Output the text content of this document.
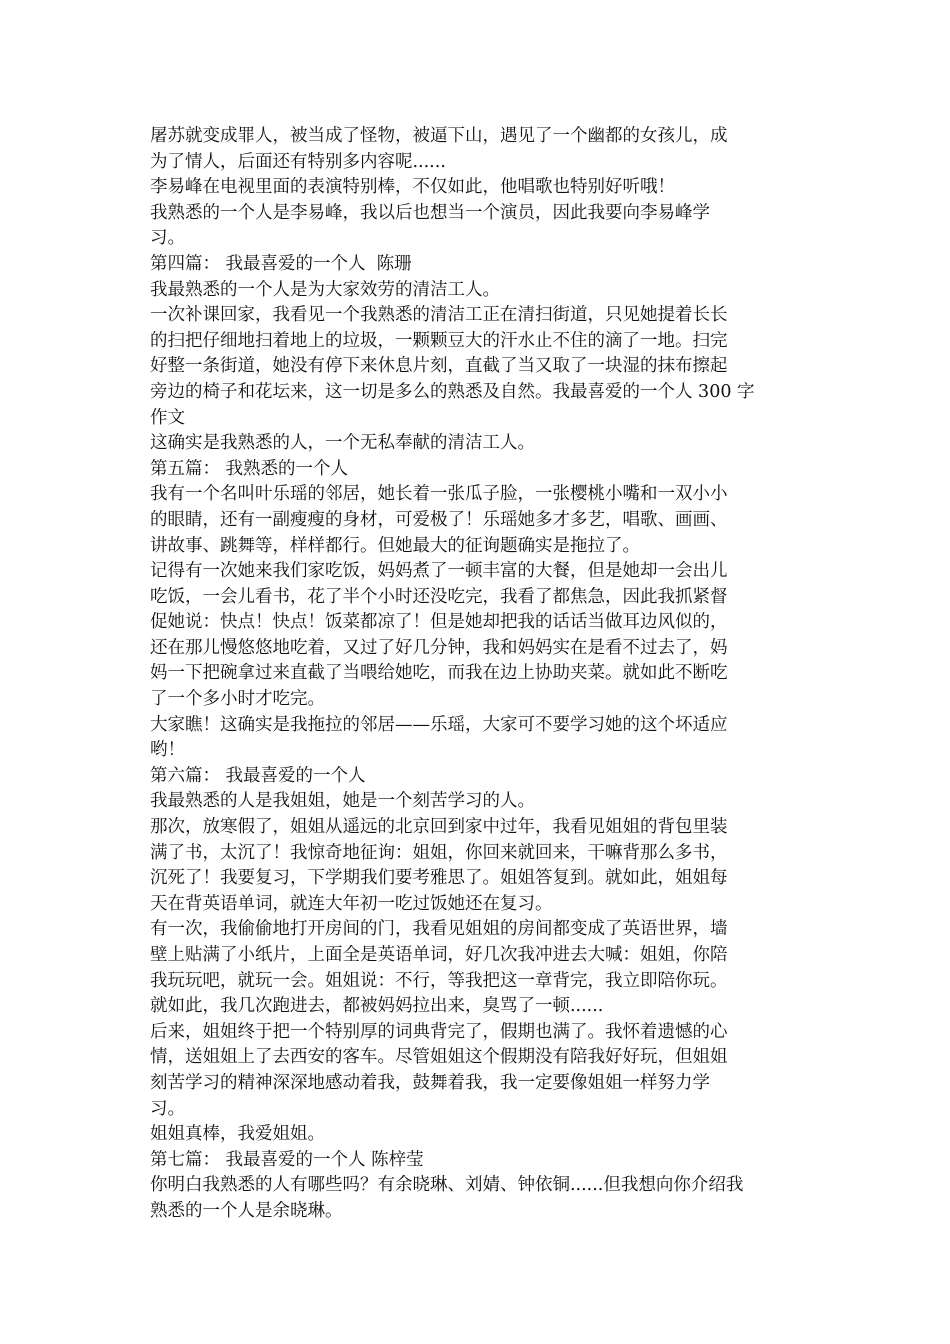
屠苏就变成罪人，被当成了怪物，被逼下山，遇见了一个幽都的女孩儿，成
为了情人，后面还有特别多内容呢......
李易峰在电视里面的表演特别棒，不仅如此，他唱歌也特别好听哦！
我熟悉的一个人是李易峰，我以后也想当一个演员，因此我要向李易峰学
习。
第四篇： 我最喜爱的一个人  陈珊
我最熟悉的一个人是为大家效劳的清洁工人。
一次补课回家，我看见一个我熟悉的清洁工正在清扫街道，只见她提着长长
的扫把仔细地扫着地上的垃圾，一颗颗豆大的汗水止不住的滴了一地。扫完
好整一条街道，她没有停下来休息片刻，直截了当又取了一块湿的抹布擦起
旁边的椅子和花坛来，这一切是多么的熟悉及自然。我最喜爱的一个人 300 字
作文
这确实是我熟悉的人，一个无私奉献的清洁工人。
第五篇： 我熟悉的一个人
我有一个名叫叶乐瑶的邻居，她长着一张瓜子脸，一张樱桃小嘴和一双小小
的眼睛，还有一副瘦瘦的身材，可爱极了！乐瑶她多才多艺，唱歌、画画、
讲故事、跳舞等，样样都行。但她最大的征询题确实是拖拉了。
记得有一次她来我们家吃饭，妈妈煮了一顿丰富的大餐，但是她却一会出儿
吃饭，一会儿看书，花了半个小时还没吃完，我看了都焦急，因此我抓紧督
促她说：快点！快点！饭菜都凉了！但是她却把我的话话当做耳边风似的，
还在那儿慢悠悠地吃着，又过了好几分钟，我和妈妈实在是看不过去了，妈
妈一下把碗拿过来直截了当喂给她吃，而我在边上协助夹菜。就如此不断吃
了一个多小时才吃完。
大家瞧！这确实是我拖拉的邻居——乐瑶，大家可不要学习她的这个坏适应
哟！
第六篇： 我最喜爱的一个人
我最熟悉的人是我姐姐，她是一个刻苦学习的人。
那次，放寒假了，姐姐从遥远的北京回到家中过年，我看见姐姐的背包里装
满了书，太沉了！我惊奇地征询：姐姐，你回来就回来，干嘛背那么多书，
沉死了！我要复习，下学期我们要考雅思了。姐姐答复到。就如此，姐姐每
天在背英语单词，就连大年初一吃过饭她还在复习。
有一次，我偷偷地打开房间的门，我看见姐姐的房间都变成了英语世界，墙
壁上贴满了小纸片，上面全是英语单词，好几次我冲进去大喊：姐姐，你陪
我玩玩吧，就玩一会。姐姐说：不行，等我把这一章背完，我立即陪你玩。
就如此，我几次跑进去，都被妈妈拉出来，臭骂了一顿......
后来，姐姐终于把一个特别厚的词典背完了，假期也满了。我怀着遗憾的心
情，送姐姐上了去西安的客车。尽管姐姐这个假期没有陪我好好玩，但姐姐
刻苦学习的精神深深地感动着我，鼓舞着我，我一定要像姐姐一样努力学
习。
姐姐真棒，我爱姐姐。
第七篇： 我最喜爱的一个人 陈梓莹
你明白我熟悉的人有哪些吗？有余晓琳、刘婧、钟依铜......但我想向你介绍我
熟悉的一个人是余晓琳。
